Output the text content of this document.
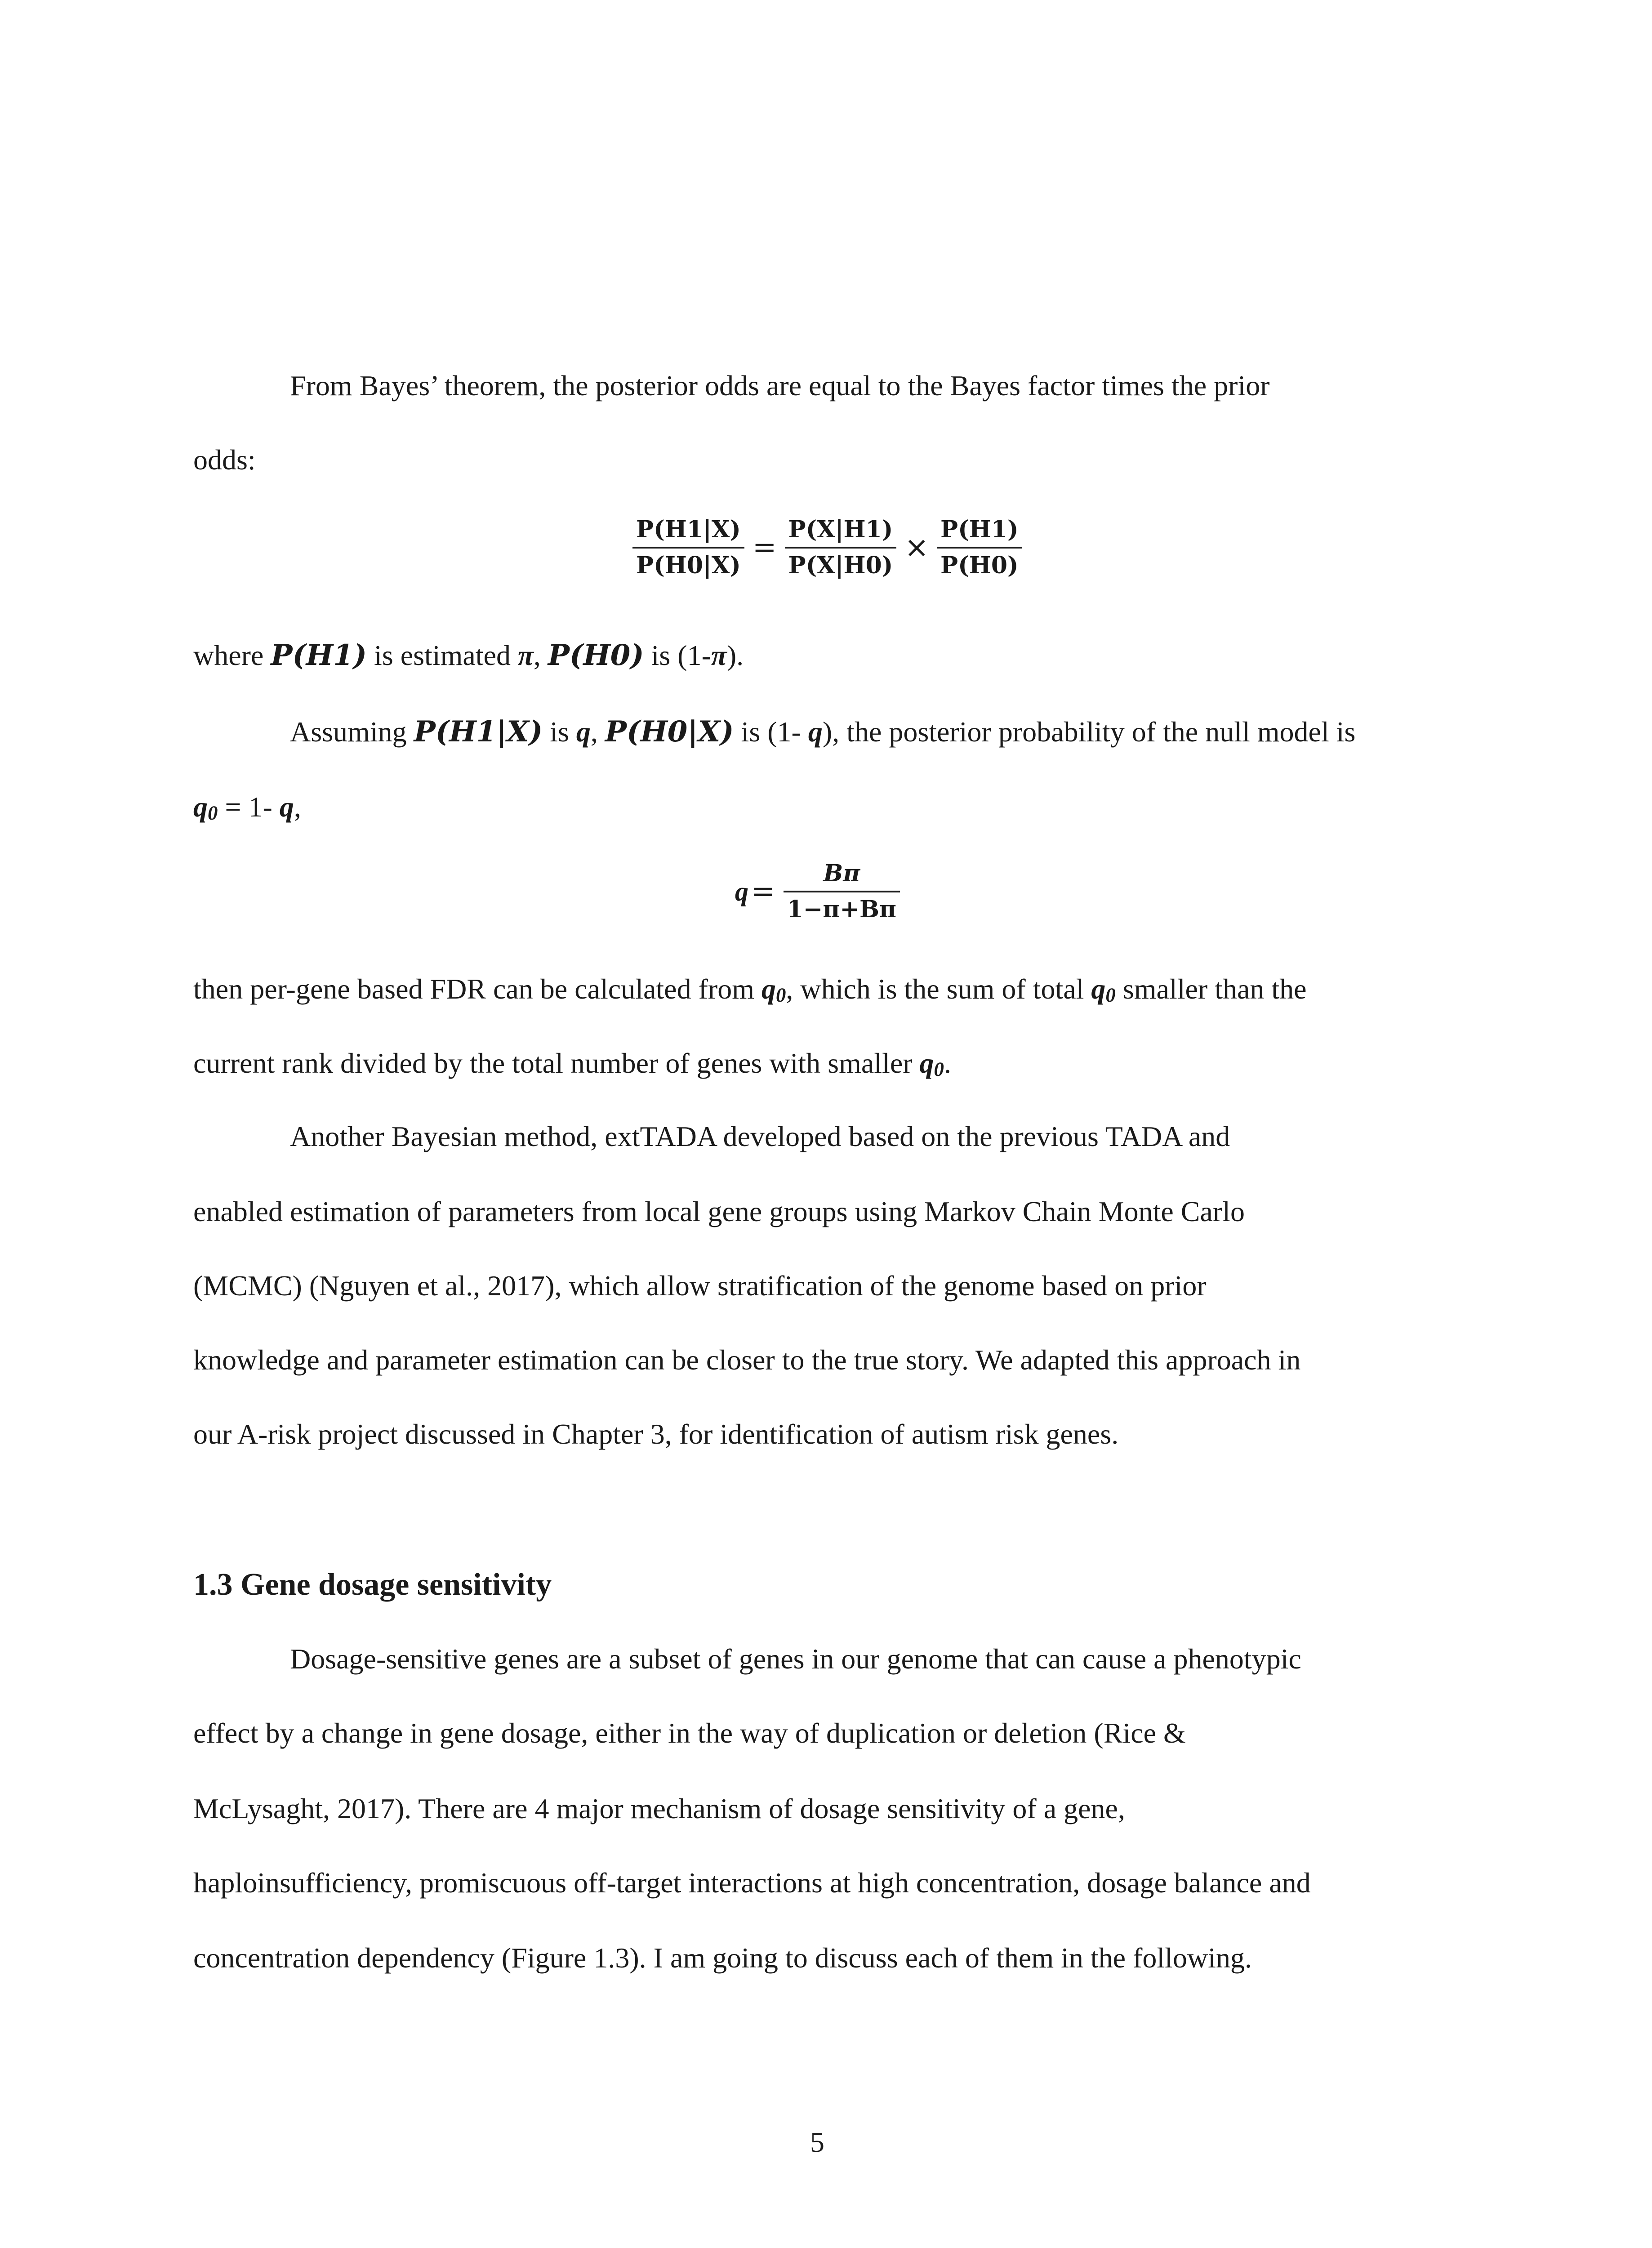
From Bayes’ theorem, the posterior odds are equal to the Bayes factor times the prior
odds:
$\frac{P(H1|X)}{P(H0|X)} = \frac{P(X|H1)}{P(X|H0)} \times \frac{P(H1)}{P(H0)}$
where P(H1) is estimated π, P(H0) is (1-π).
Assuming P(H1|X) is q, P(H0|X) is (1- q), the posterior probability of the null model is
$q_0 = 1-$ q,
$q = \frac{B\pi}{1-\pi+B\pi}$
then per-gene based FDR can be calculated from $q_0$, which is the sum of total $q_0$ smaller than the
current rank divided by the total number of genes with smaller $q_0$.
Another Bayesian method, extTADA developed based on the previous TADA and
enabled estimation of parameters from local gene groups using Markov Chain Monte Carlo
(MCMC) (Nguyen et al., 2017), which allow stratification of the genome based on prior
knowledge and parameter estimation can be closer to the true story. We adapted this approach in
our A-risk project discussed in Chapter 3, for identification of autism risk genes.
1.3 Gene dosage sensitivity
Dosage-sensitive genes are a subset of genes in our genome that can cause a phenotypic
effect by a change in gene dosage, either in the way of duplication or deletion (Rice &
McLysaght, 2017). There are 4 major mechanism of dosage sensitivity of a gene,
haploinsufficiency, promiscuous off-target interactions at high concentration, dosage balance and
concentration dependency (Figure 1.3). I am going to discuss each of them in the following.
5
